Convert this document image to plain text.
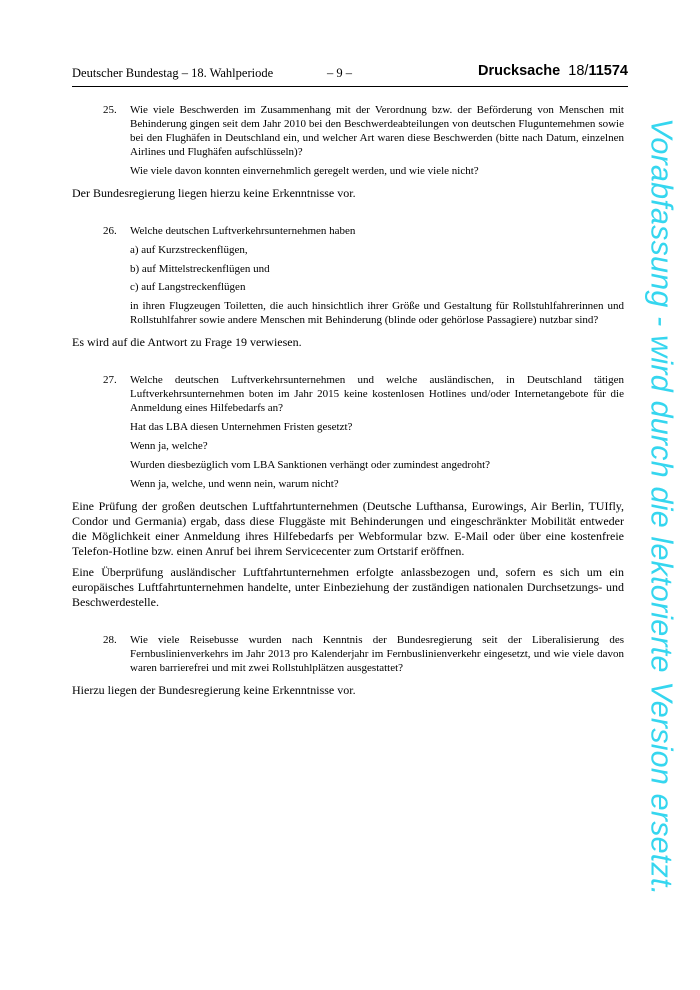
Deutscher Bundestag – 18. Wahlperiode	– 9 –	Drucksache 18/11574
25. Wie viele Beschwerden im Zusammenhang mit der Verordnung bzw. der Beförderung von Menschen mit Behinderung gingen seit dem Jahr 2010 bei den Beschwerdeabteilungen von deutschen Fluguntemehmen sowie bei den Flughäfen in Deutschland ein, und welcher Art waren diese Beschwerden (bitte nach Datum, einzelnen Airlines und Flughäfen aufschlüsseln)?

Wie viele davon konnten einvernehmlich geregelt werden, und wie viele nicht?

Der Bundesregierung liegen hierzu keine Erkenntnisse vor.

26. Welche deutschen Luftverkehrsunternehmen haben

a) auf Kurzstreckenflügen,

b) auf Mittelstreckenflügen und

c) auf Langstreckenflügen

in ihren Flugzeugen Toiletten, die auch hinsichtlich ihrer Größe und Gestaltung für Rollstuhlfahrerinnen und Rollstuhlfahrer sowie andere Menschen mit Behinderung (blinde oder gehörlose Passagiere) nutzbar sind?

Es wird auf die Antwort zu Frage 19 verwiesen.

27. Welche deutschen Luftverkehrsunternehmen und welche ausländischen, in Deutschland tätigen Luftverkehrsunternehmen boten im Jahr 2015 keine kostenlosen Hotlines und/oder Internetangebote für die Anmeldung eines Hilfebedarfs an?

Hat das LBA diesen Unternehmen Fristen gesetzt?

Wenn ja, welche?

Wurden diesbezüglich vom LBA Sanktionen verhängt oder zumindest angedroht?

Wenn ja, welche, und wenn nein, warum nicht?

Eine Prüfung der großen deutschen Luftfahrtunternehmen (Deutsche Lufthansa, Eurowings, Air Berlin, TUIfly, Condor und Germania) ergab, dass diese Fluggäste mit Behinderungen und eingeschränkter Mobilität entweder die Möglichkeit einer Anmeldung ihres Hilfebedarfs per Webformular bzw. E-Mail oder über eine kostenfreie Telefon-Hotline bzw. einen Anruf bei ihrem Servicecenter zum Ortstarif eröffnen.

Eine Überprüfung ausländischer Luftfahrtunternehmen erfolgte anlassbezogen und, sofern es sich um ein europäisches Luftfahrtunternehmen handelte, unter Einbeziehung der zuständigen nationalen Durchsetzungs- und Beschwerdestelle.

28. Wie viele Reisebusse wurden nach Kenntnis der Bundesregierung seit der Liberalisierung des Fernbuslinienverkehrs im Jahr 2013 pro Kalenderjahr im Fernbuslinienverkehr eingesetzt, und wie viele davon waren barrierefrei und mit zwei Rollstuhlplätzen ausgestattet?

Hierzu liegen der Bundesregierung keine Erkenntnisse vor.	Vorabfassung - wird durch die lektorierte Version ersetzt.
